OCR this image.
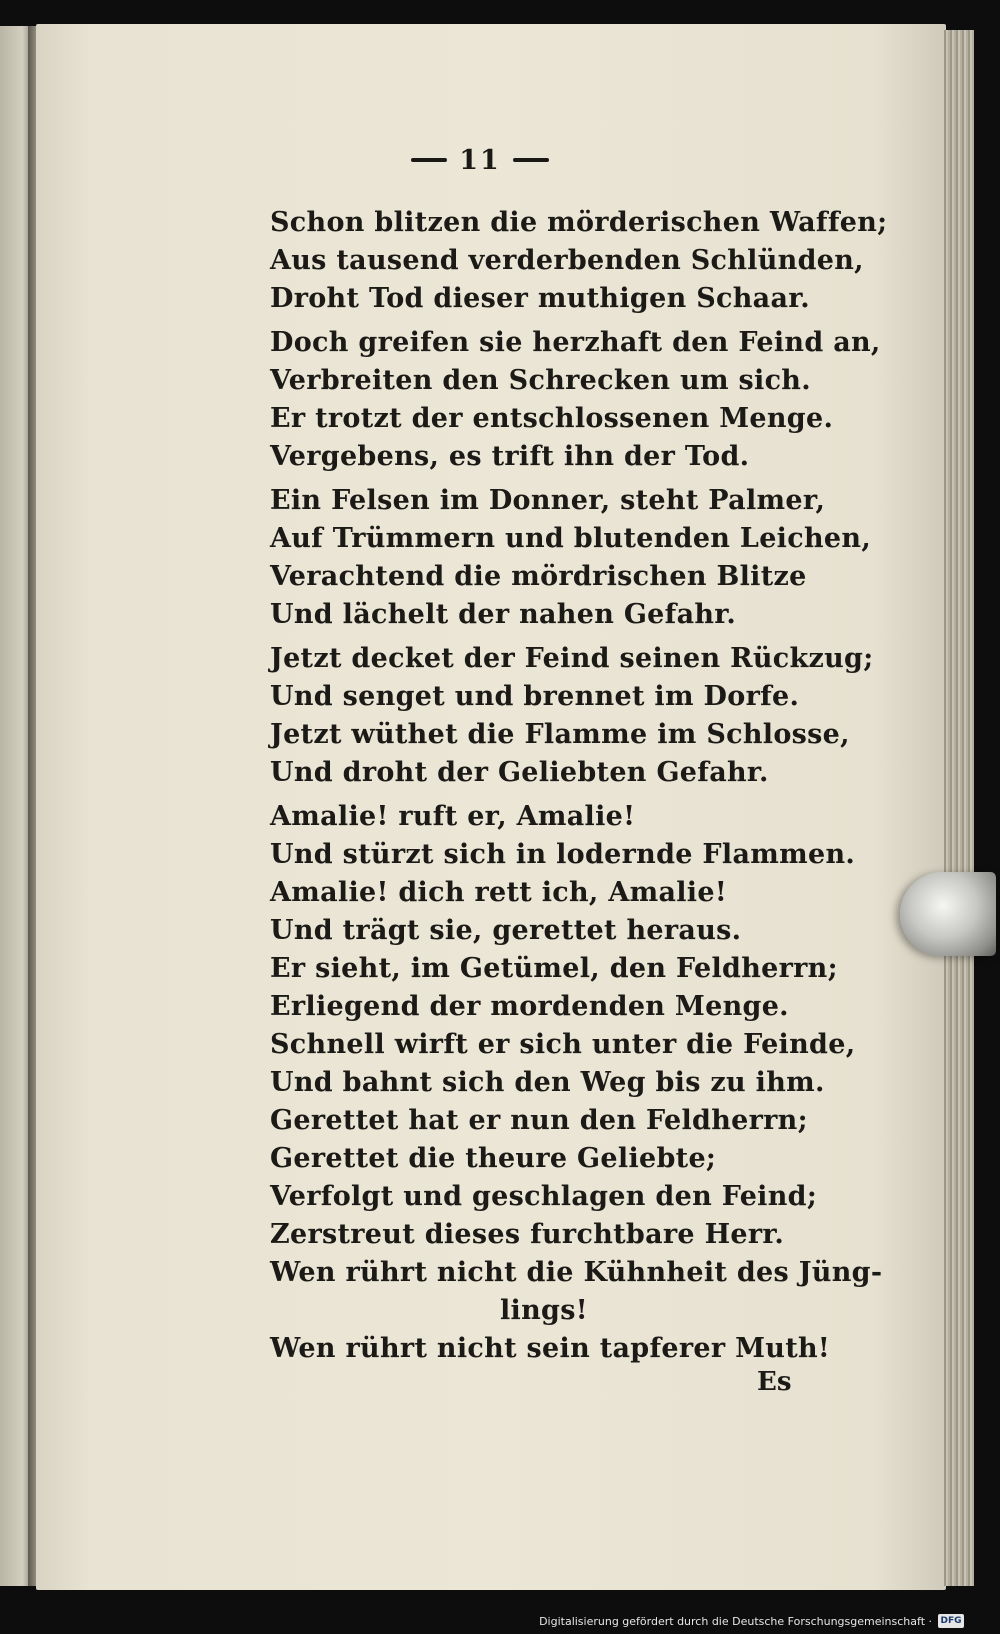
11
Schon blitzen die mörderischen Waffen;
Aus tausend verderbenden Schlünden,
Droht Tod dieser muthigen Schaar.
Doch greifen sie herzhaft den Feind an,
Verbreiten den Schrecken um sich.
Er trotzt der entschlossenen Menge.
Vergebens, es trift ihn der Tod.
Ein Felsen im Donner, steht Palmer,
Auf Trümmern und blutenden Leichen,
Verachtend die mördrischen Blitze
Und lächelt der nahen Gefahr.
Jetzt decket der Feind seinen Rückzug;
Und senget und brennet im Dorfe.
Jetzt wüthet die Flamme im Schlosse,
Und droht der Geliebten Gefahr.
Amalie! ruft er, Amalie!
Und stürzt sich in lodernde Flammen.
Amalie! dich rett ich, Amalie!
Und trägt sie, gerettet heraus.
Er sieht, im Getümel, den Feldherrn;
Erliegend der mordenden Menge.
Schnell wirft er sich unter die Feinde,
Und bahnt sich den Weg bis zu ihm.
Gerettet hat er nun den Feldherrn;
Gerettet die theure Geliebte;
Verfolgt und geschlagen den Feind;
Zerstreut dieses furchtbare Herr.
Wen rührt nicht die Kühnheit des Jüng-
lings!
Wen rührt nicht sein tapferer Muth!
Es
Digitalisierung gefördert durch die Deutsche Forschungsgemeinschaft · DFG
